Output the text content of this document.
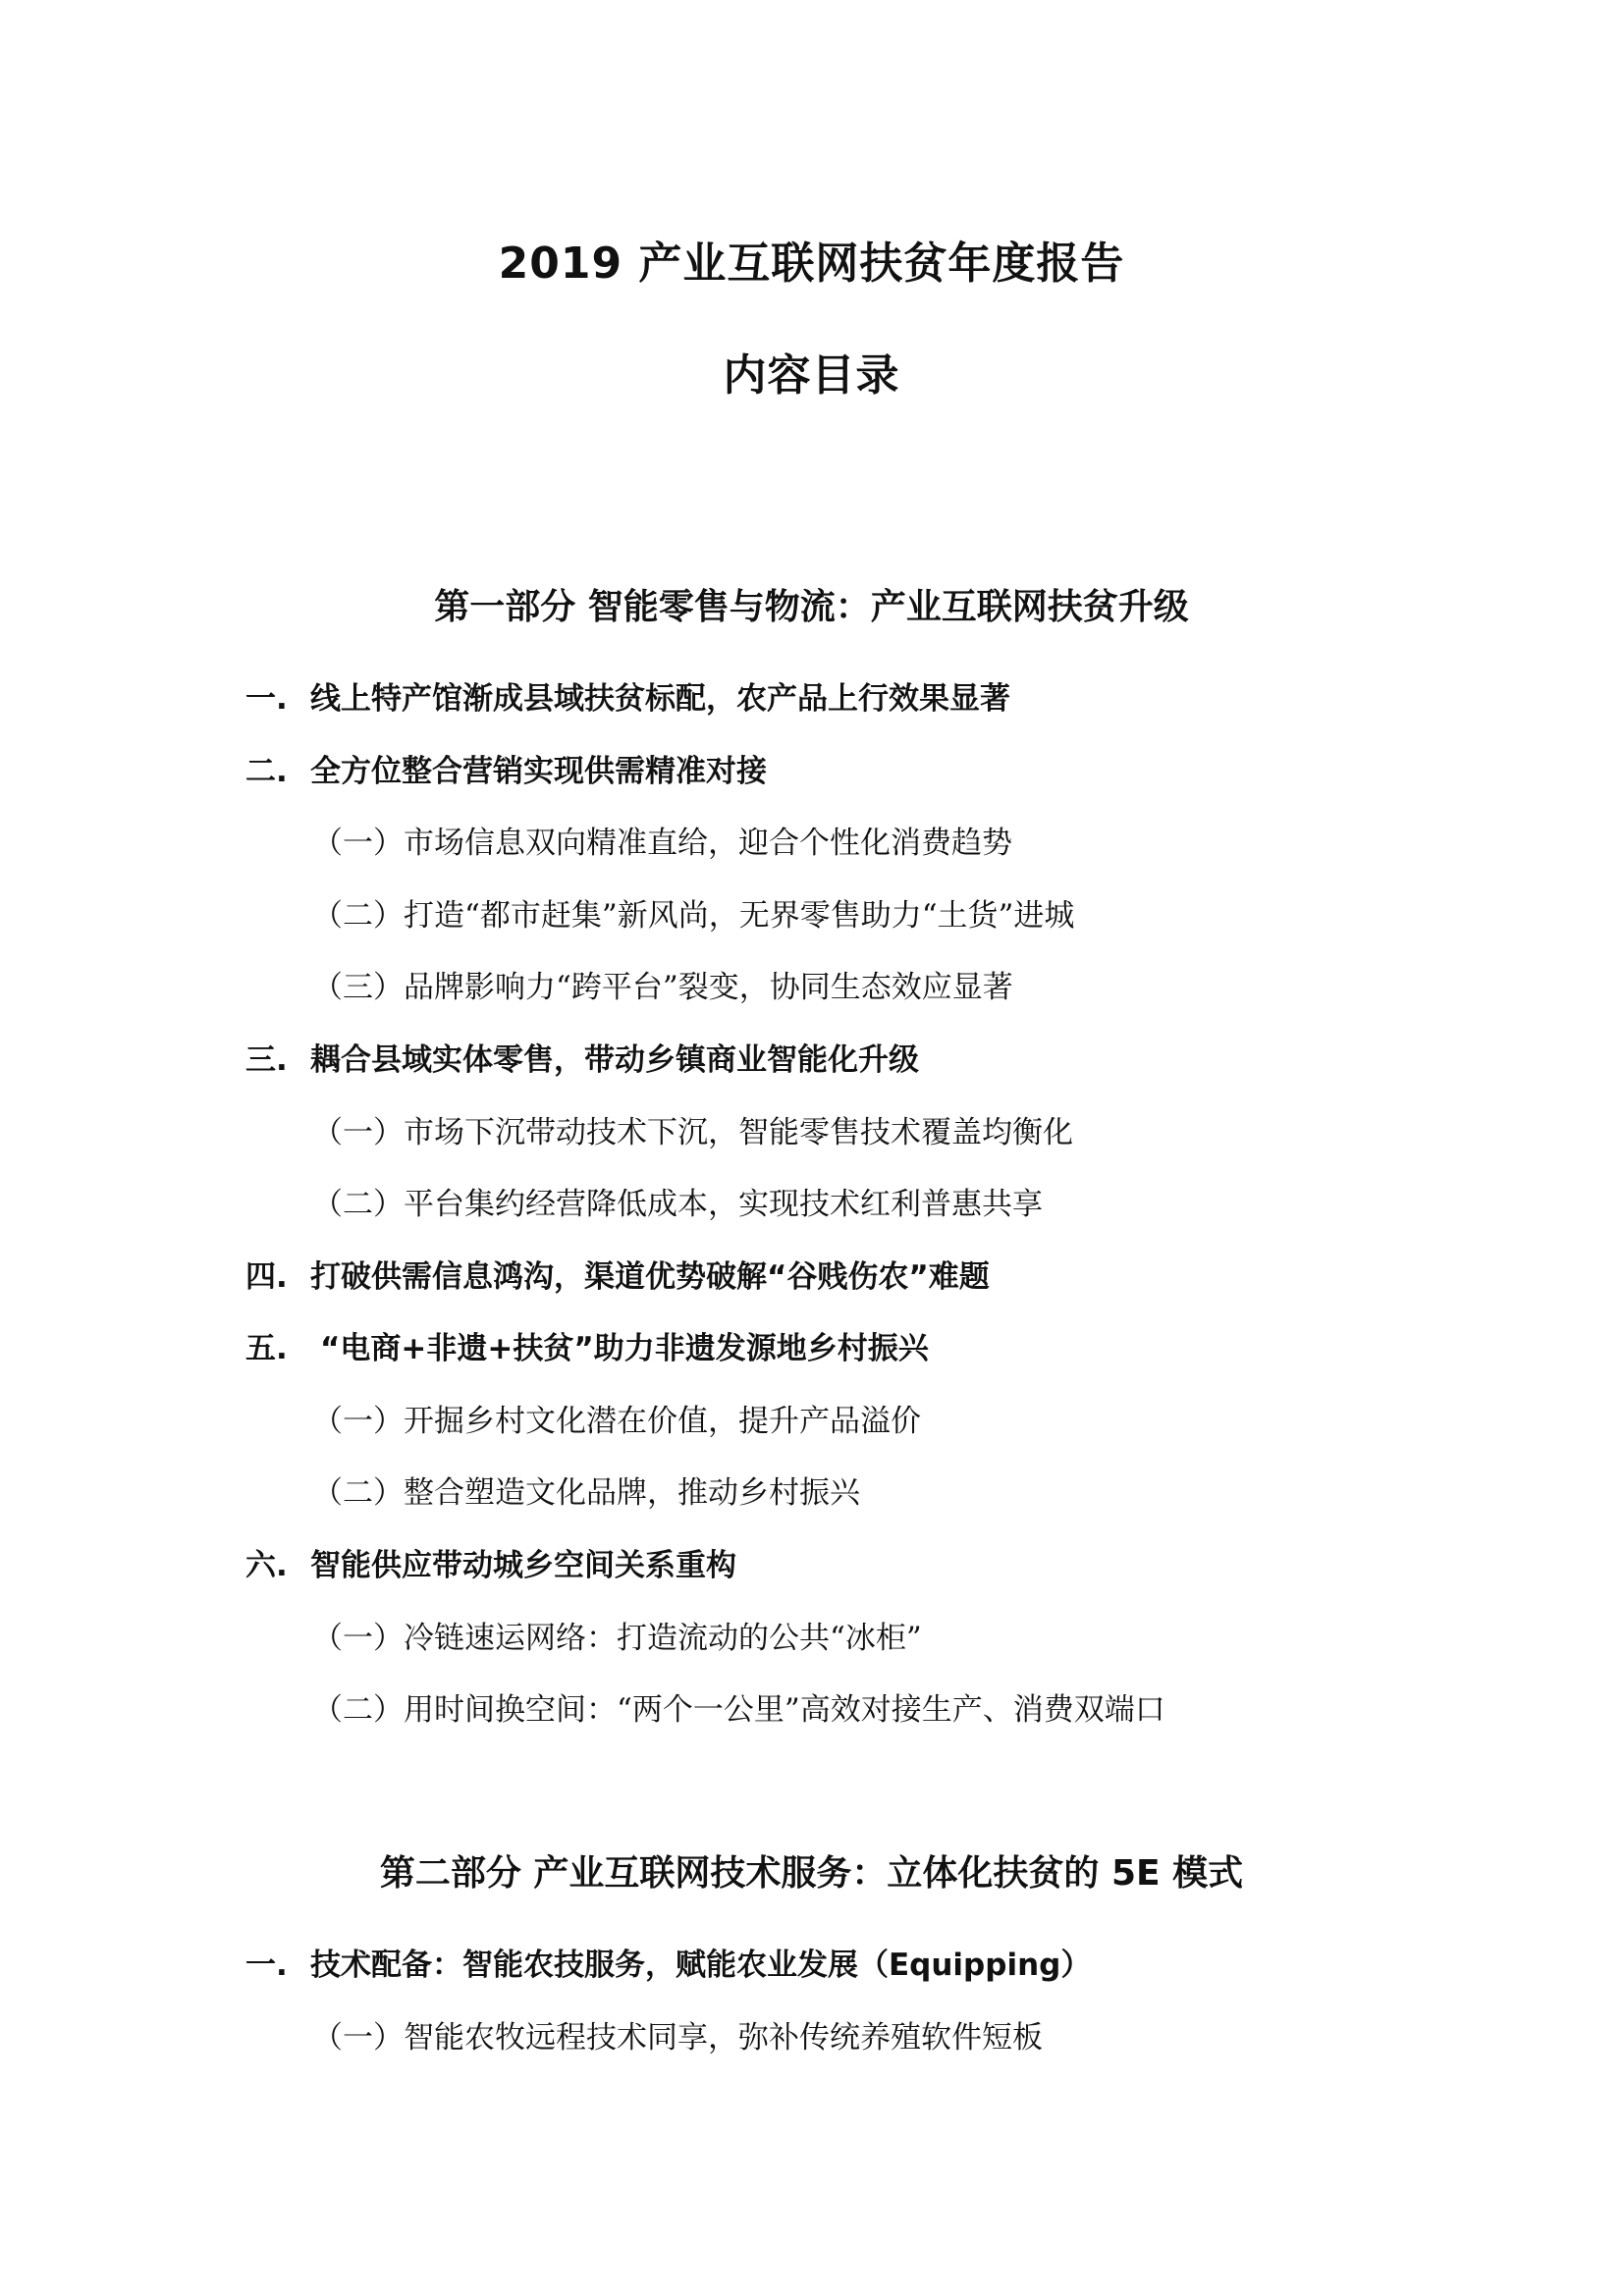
2019 产业互联网扶贫年度报告
内容目录
第一部分 智能零售与物流：产业互联网扶贫升级
一. 线上特产馆渐成县域扶贫标配，农产品上行效果显著
二. 全方位整合营销实现供需精准对接
（一）市场信息双向精准直给，迎合个性化消费趋势
（二）打造“都市赶集”新风尚，无界零售助力“土货”进城
（三）品牌影响力“跨平台”裂变，协同生态效应显著
三. 耦合县域实体零售，带动乡镇商业智能化升级
（一）市场下沉带动技术下沉，智能零售技术覆盖均衡化
（二）平台集约经营降低成本，实现技术红利普惠共享
四. 打破供需信息鸿沟，渠道优势破解“谷贱伤农”难题
五. “电商+非遗+扶贫”助力非遗发源地乡村振兴
（一）开掘乡村文化潜在价值，提升产品溢价
（二）整合塑造文化品牌，推动乡村振兴
六. 智能供应带动城乡空间关系重构
（一）冷链速运网络：打造流动的公共“冰柜”
（二）用时间换空间：“两个一公里”高效对接生产、消费双端口
第二部分 产业互联网技术服务：立体化扶贫的 5E 模式
一. 技术配备：智能农技服务，赋能农业发展（Equipping）
（一）智能农牧远程技术同享，弥补传统养殖软件短板
